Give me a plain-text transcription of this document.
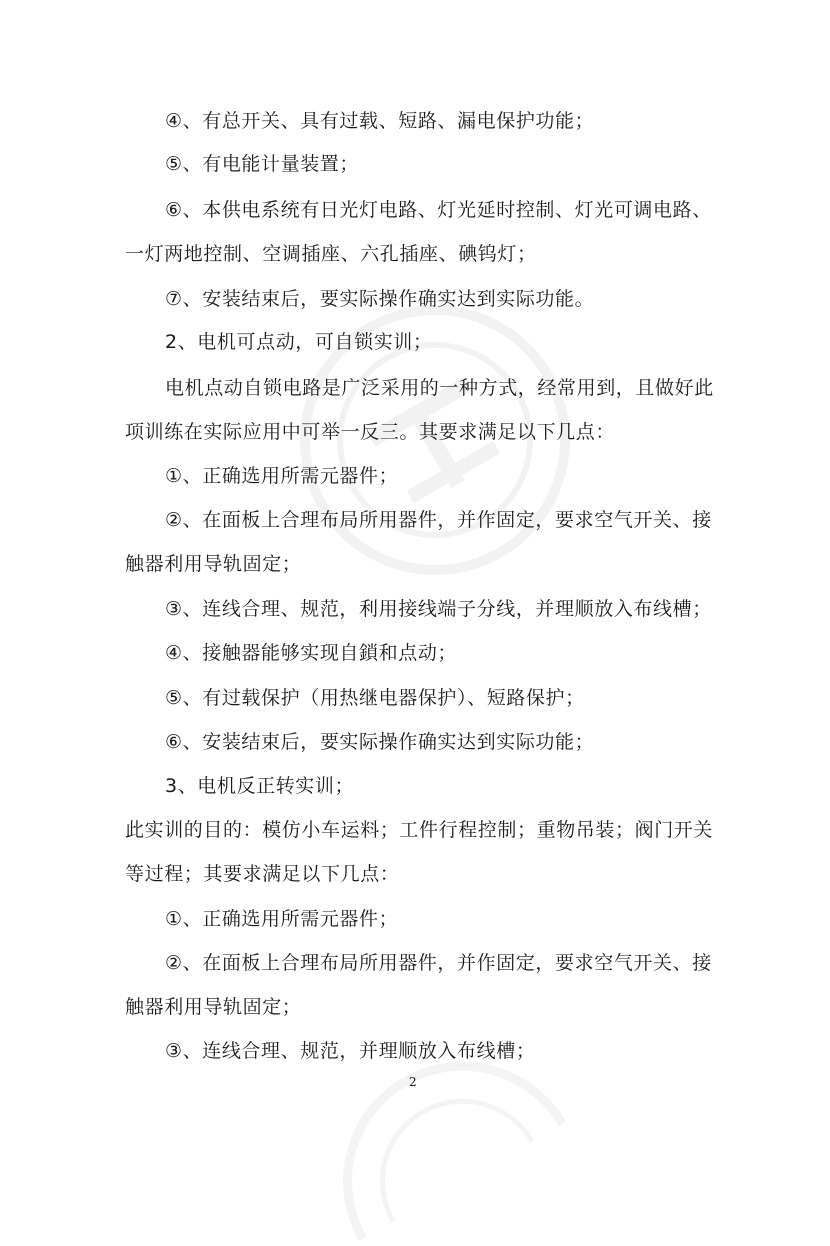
④、有总开关、具有过载、短路、漏电保护功能；
⑤、有电能计量装置；
⑥、本供电系统有日光灯电路、灯光延时控制、灯光可调电路、
一灯两地控制、空调插座、六孔插座、碘钨灯；
⑦、安装结束后，要实际操作确实达到实际功能。
2、电机可点动，可自锁实训；
电机点动自锁电路是广泛采用的一种方式，经常用到，且做好此
项训练在实际应用中可举一反三。其要求满足以下几点：
①、正确选用所需元器件；
②、在面板上合理布局所用器件，并作固定，要求空气开关、接
触器利用导轨固定；
③、连线合理、规范，利用接线端子分线，并理顺放入布线槽；
④、接触器能够实现自鎖和点动；
⑤、有过载保护（用热继电器保护）、短路保护；
⑥、安装结束后，要实际操作确实达到实际功能；
3、电机反正转实训；
此实训的目的：模仿小车运料；工件行程控制；重物吊装；阀门开关
等过程；其要求满足以下几点：
①、正确选用所需元器件；
②、在面板上合理布局所用器件，并作固定，要求空气开关、接
触器利用导轨固定；
③、连线合理、规范，并理顺放入布线槽；
2
